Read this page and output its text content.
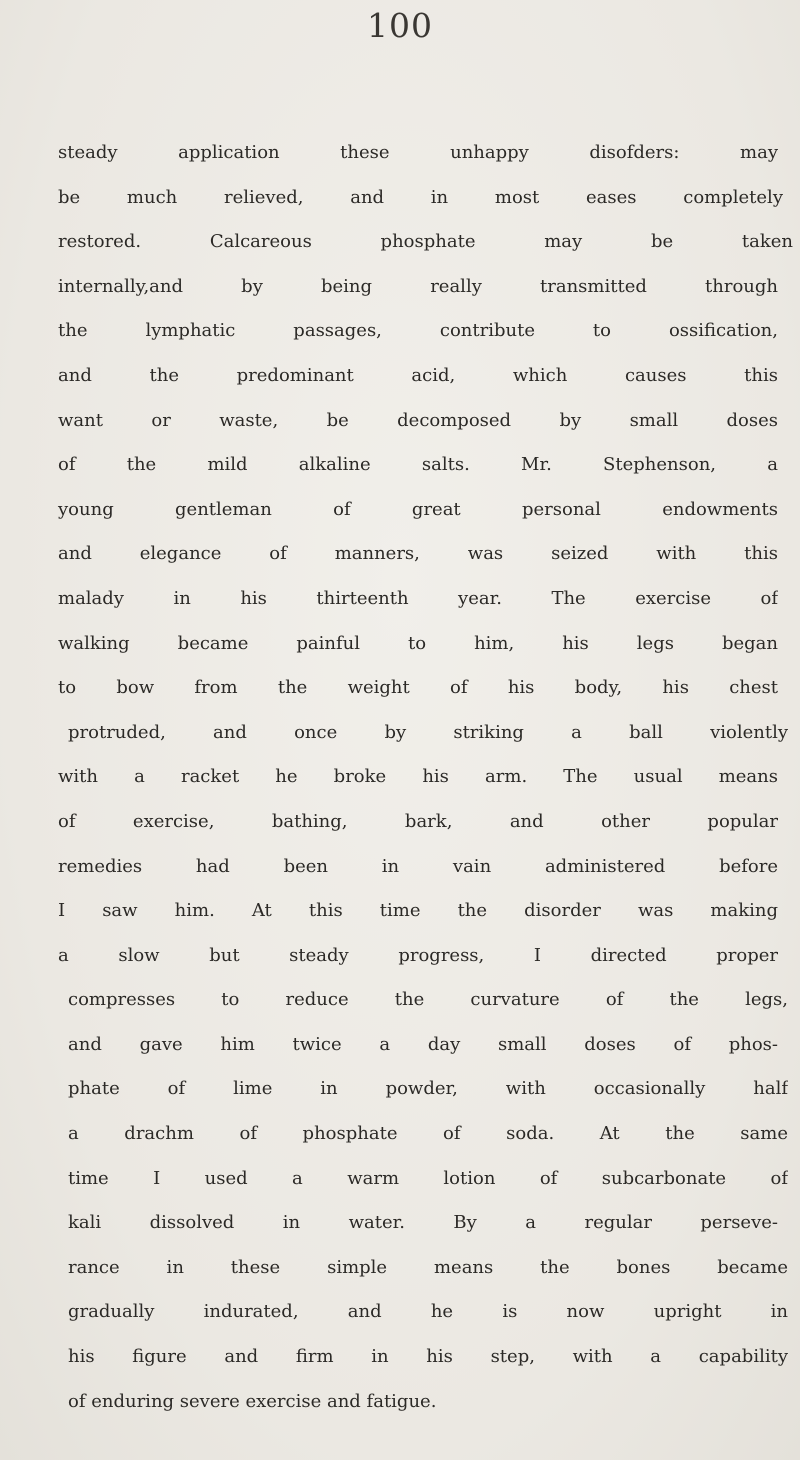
100
steady application these unhappy disofders: may
be much relieved, and in most eases completely
restored. Calcareous phosphate may be taken
internally,and by being really transmitted through
the lymphatic passages, contribute to ossification,
and the predominant acid, which causes this
want or waste, be decomposed by small doses
of the mild alkaline salts. Mr. Stephenson, a
young gentleman of great personal endowments
and elegance of manners, was seized with this
malady in his thirteenth year. The exercise of
walking became painful to him, his legs began
to bow from the weight of his body, his chest
protruded, and once by striking a ball violently
with a racket he broke his arm. The usual means
of exercise, bathing, bark, and other popular
remedies had been in vain administered before
I saw him. At this time the disorder was making
a slow but steady progress, I directed proper
compresses to reduce the curvature of the legs,
and gave him twice a day small doses of phos-
phate of lime in powder, with occasionally half
a drachm of phosphate of soda. At the same
time I used a warm lotion of subcarbonate of
kali dissolved in water. By a regular perseve-
rance in these simple means the bones became
gradually indurated, and he is now upright in
his figure and firm in his step, with a capability
of enduring severe exercise and fatigue.
